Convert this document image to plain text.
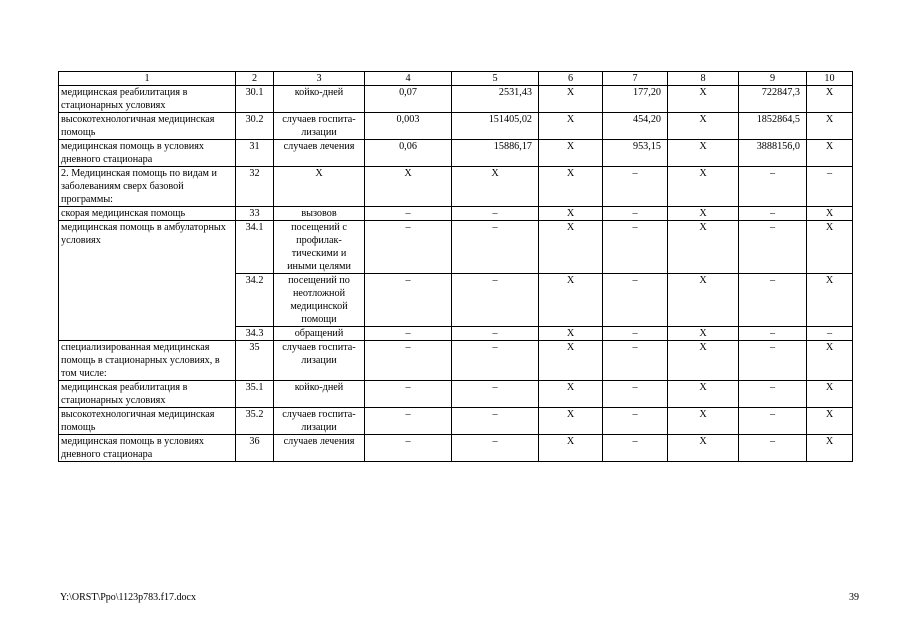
1	2	3	4	5	6	7	8	9	10
медицинская реабилитация в стационарных условиях	30.1	койко-дней	0,07	2531,43	Х	177,20	Х	722847,3	Х
высокотехнологичная медицинская помощь	30.2	случаев госпита-лизации	0,003	151405,02	Х	454,20	Х	1852864,5	Х
медицинская помощь в условиях дневного стационара	31	случаев лечения	0,06	15886,17	Х	953,15	Х	3888156,0	Х
2. Медицинская помощь по видам и заболеваниям сверх базовой программы:	32	Х	Х	Х	Х	–	Х	–	–
скорая медицинская помощь	33	вызовов	–	–	Х	–	Х	–	Х
медицинская помощь в амбулаторных условиях	34.1	посещений с профилак-тическими и иными целями	–	–	Х	–	Х	–	Х
	34.2	посещений по неотложной медицинской помощи	–	–	Х	–	Х	–	Х
	34.3	обращений	–	–	Х	–	Х	–	–
специализированная медицинская помощь в стационарных условиях, в том числе:	35	случаев госпита-лизации	–	–	Х	–	Х	–	Х
медицинская реабилитация в стационарных условиях	35.1	койко-дней	–	–	Х	–	Х	–	Х
высокотехнологичная медицинская помощь	35.2	случаев госпита-лизации	–	–	Х	–	Х	–	Х
медицинская помощь в условиях дневного стационара	36	случаев лечения	–	–	Х	–	Х	–	Х
Y:\ORST\Ppo\1123p783.f17.docx	39
